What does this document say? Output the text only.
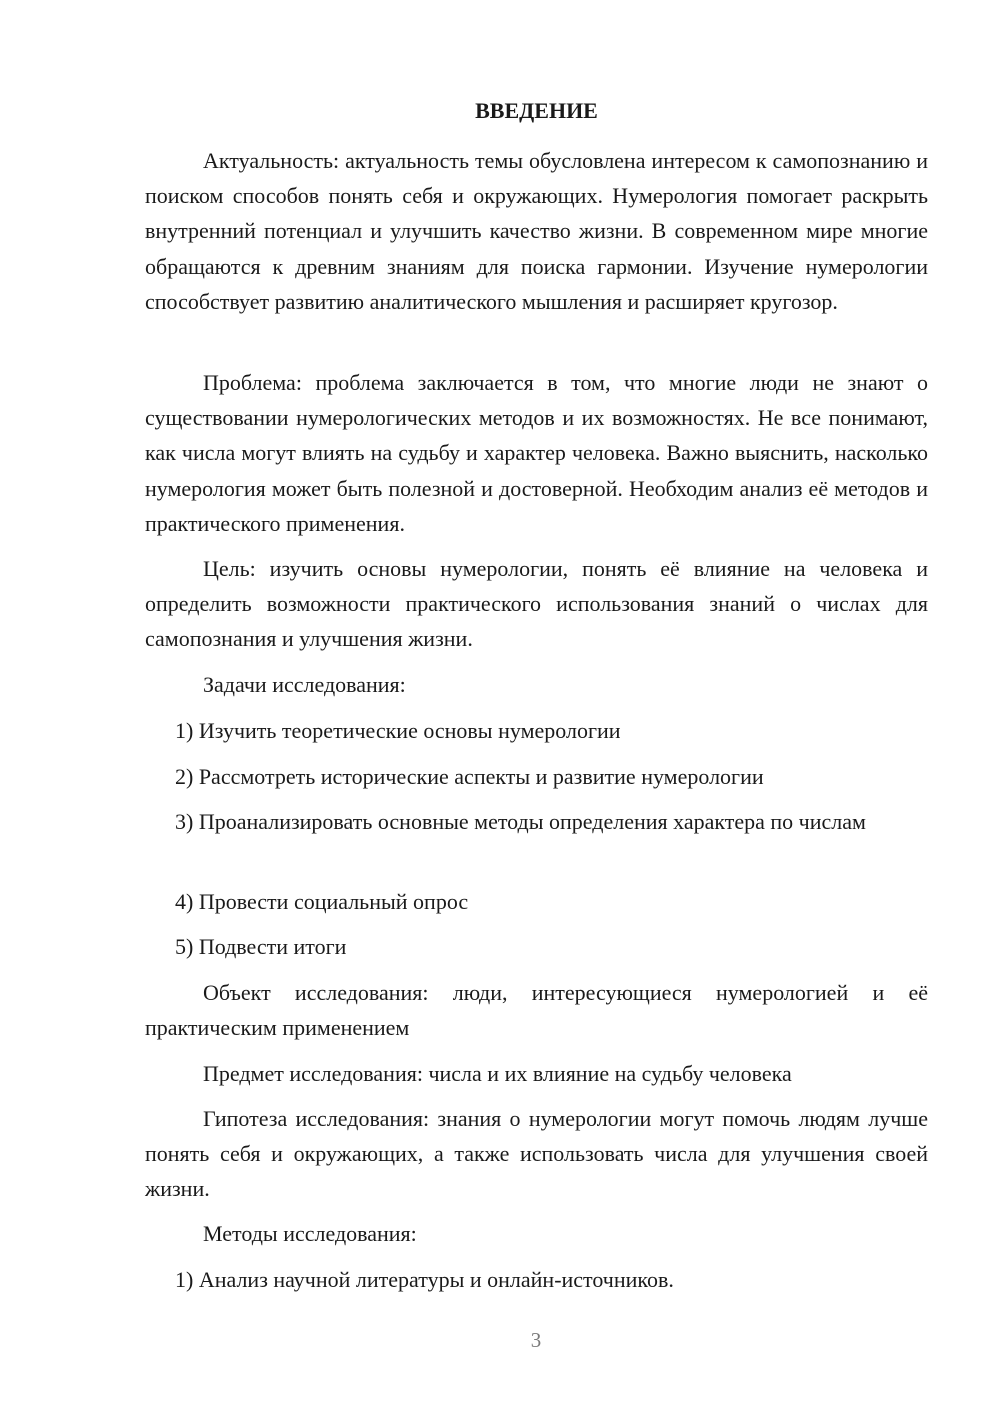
ВВЕДЕНИЕ

Актуальность: актуальность темы обусловлена интересом к самопознанию и поиском способов понять себя и окружающих. Нумерология помогает раскрыть внутренний потенциал и улучшить качество жизни. В современном мире многие обращаются к древним знаниям для поиска гармонии. Изучение нумерологии способствует развитию аналитического мышления и расширяет кругозор.

Проблема: проблема заключается в том, что многие люди не знают о существовании нумерологических методов и их возможностях. Не все понимают, как числа могут влиять на судьбу и характер человека. Важно выяснить, насколько нумерология может быть полезной и достоверной. Необходим анализ её методов и практического применения.

Цель: изучить основы нумерологии, понять её влияние на человека и определить возможности практического использования знаний о числах для самопознания и улучшения жизни.

Задачи исследования:

1) Изучить теоретические основы нумерологии

2) Рассмотреть исторические аспекты и развитие нумерологии

3) Проанализировать основные методы определения характера по числам

4) Провести социальный опрос

5) Подвести итоги

Объект исследования: люди, интересующиеся нумерологией и её практическим применением

Предмет исследования: числа и их влияние на судьбу человека

Гипотеза исследования: знания о нумерологии могут помочь людям лучше понять себя и окружающих, а также использовать числа для улучшения своей жизни.

Методы исследования:

1) Анализ научной литературы и онлайн-источников.

3
